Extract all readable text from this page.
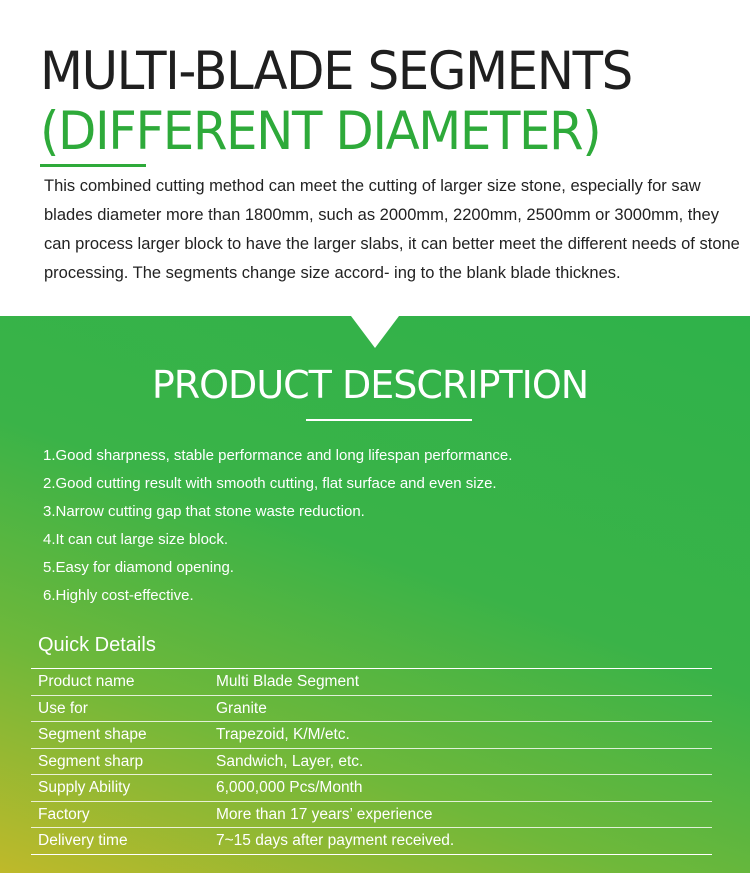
MULTI-BLADE SEGMENTS
(DIFFERENT DIAMETER)

This combined cutting method can meet the cutting of larger size stone, especially for saw blades diameter more than 1800mm, such as 2000mm, 2200mm, 2500mm or 3000mm, they can process larger block to have the larger slabs, it can better meet the different needs of stone processing. The segments change size accord- ing to the blank blade thicknes.

PRODUCT DESCRIPTION
1.Good sharpness, stable performance and long lifespan performance.
2.Good cutting result with smooth cutting, flat surface and even size.
3.Narrow cutting gap that stone waste reduction.
4.It can cut large size block.
5.Easy for diamond opening.
6.Highly cost-effective.
Quick Details
Product name	Multi Blade Segment
Use for	Granite
Segment shape	Trapezoid, K/M/etc.
Segment sharp	Sandwich, Layer, etc.
Supply Ability	6,000,000 Pcs/Month
Factory	More than 17 years’ experience
Delivery time	7~15 days after payment received.
